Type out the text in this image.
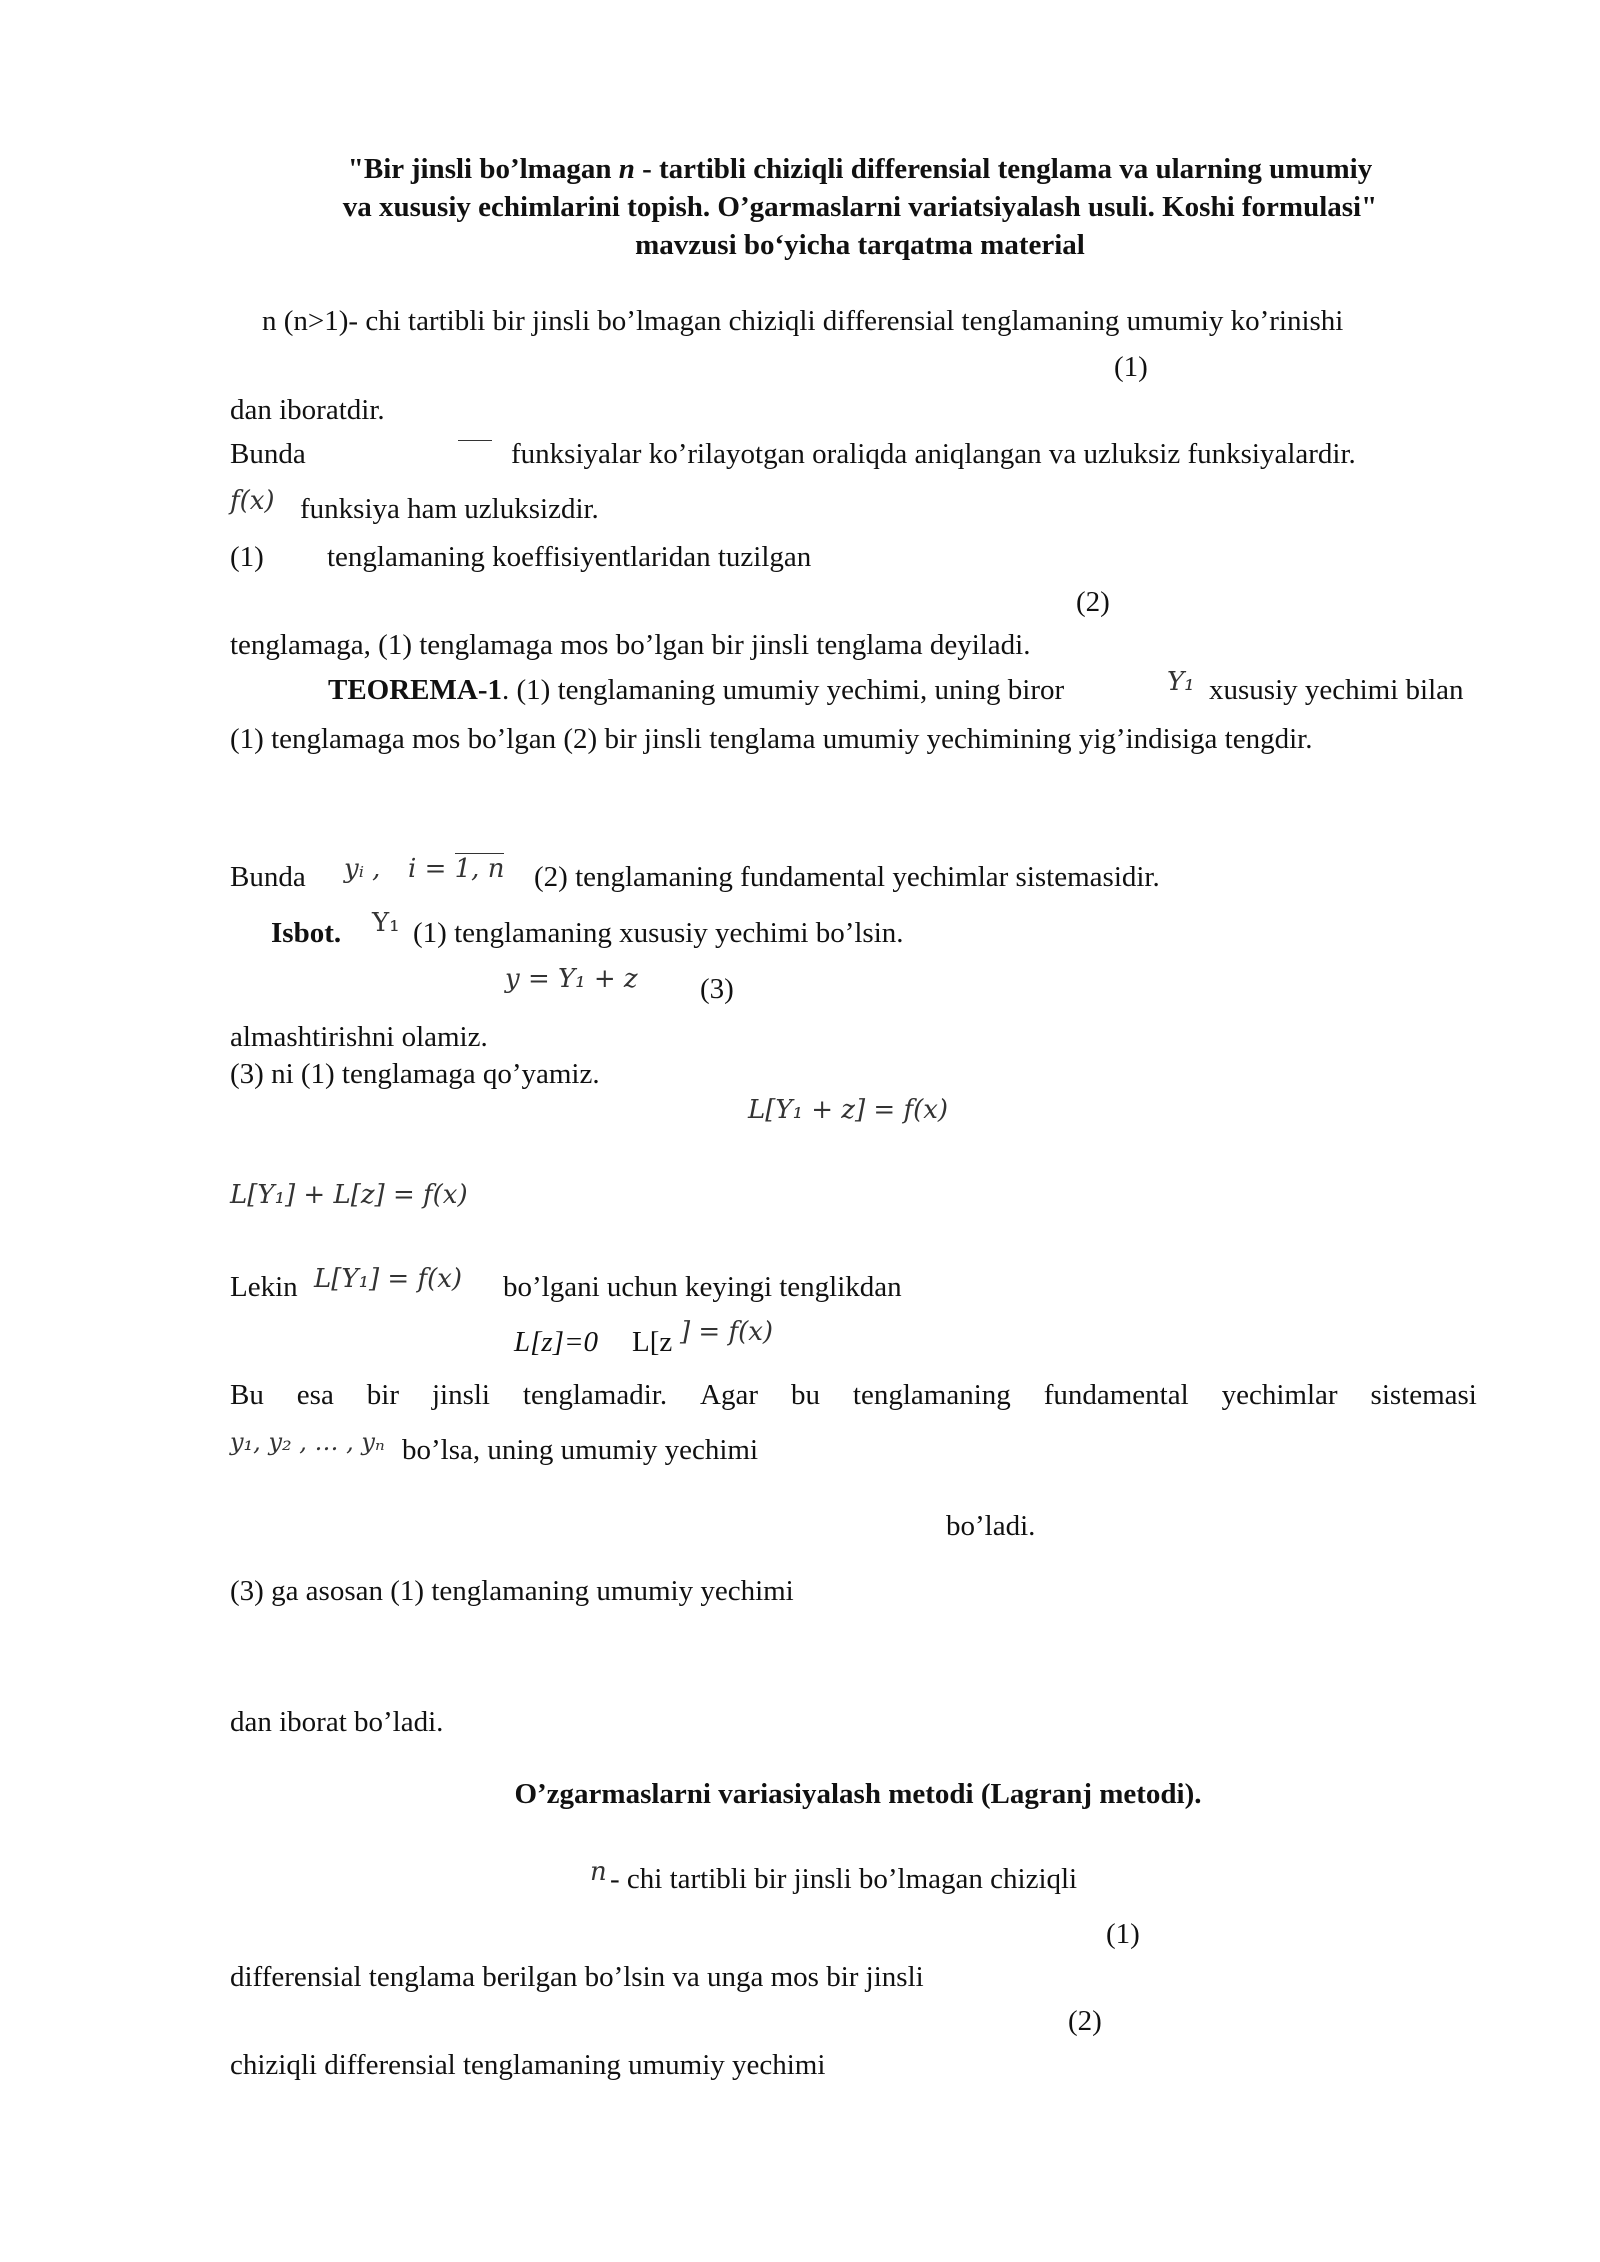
"Bir jinsli bo’lmagan n - tartibli chiziqli differensial tenglama va ularning umumiy
va xususiy echimlarini topish. O’garmaslarni variatsiyalash usuli. Koshi formulasi"
mavzusi bo‘yicha tarqatma material
n (n>1)- chi tartibli bir jinsli bo’lmagan chiziqli differensial tenglamaning umumiy ko’rinishi
(1)
dan iboratdir.
Bunda	funksiyalar ko’rilayotgan oraliqda aniqlangan va uzluksiz funksiyalardir.
f(x) funksiya ham uzluksizdir.
(1) tenglamaning koeffisiyentlaridan tuzilgan
(2)
tenglamaga, (1) tenglamaga mos bo’lgan bir jinsli tenglama deyiladi.
TEOREMA-1. (1) tenglamaning umumiy yechimi, uning biror	Y₁ xususiy yechimi bilan
(1) tenglamaga mos bo’lgan (2) bir jinsli tenglama umumiy yechimining yig’indisiga tengdir.
Bunda yᵢ , i = 1, n (2) tenglamaning fundamental yechimlar sistemasidir.
Isbot. Y₁ (1) tenglamaning xususiy yechimi bo’lsin.
y = Y₁ + z (3)
almashtirishni olamiz.
(3) ni (1) tenglamaga qo’yamiz.
L[Y₁ + z] = f(x)
L[Y₁] + L[z] = f(x)
Lekin L[Y₁] = f(x) bo’lgani uchun keyingi tenglikdan
L[z]=0 L[z ] = f(x)
Bu esa bir jinsli tenglamadir. Agar bu tenglamaning fundamental yechimlar sistemasi
y₁, y₂ , … , yₙ bo’lsa, uning umumiy yechimi
bo’ladi.
(3) ga asosan (1) tenglamaning umumiy yechimi
dan iborat bo’ladi.
O’zgarmaslarni variasiyalash metodi (Lagranj metodi).
n - chi tartibli bir jinsli bo’lmagan chiziqli
(1)
differensial tenglama berilgan bo’lsin va unga mos bir jinsli
(2)
chiziqli differensial tenglamaning umumiy yechimi
